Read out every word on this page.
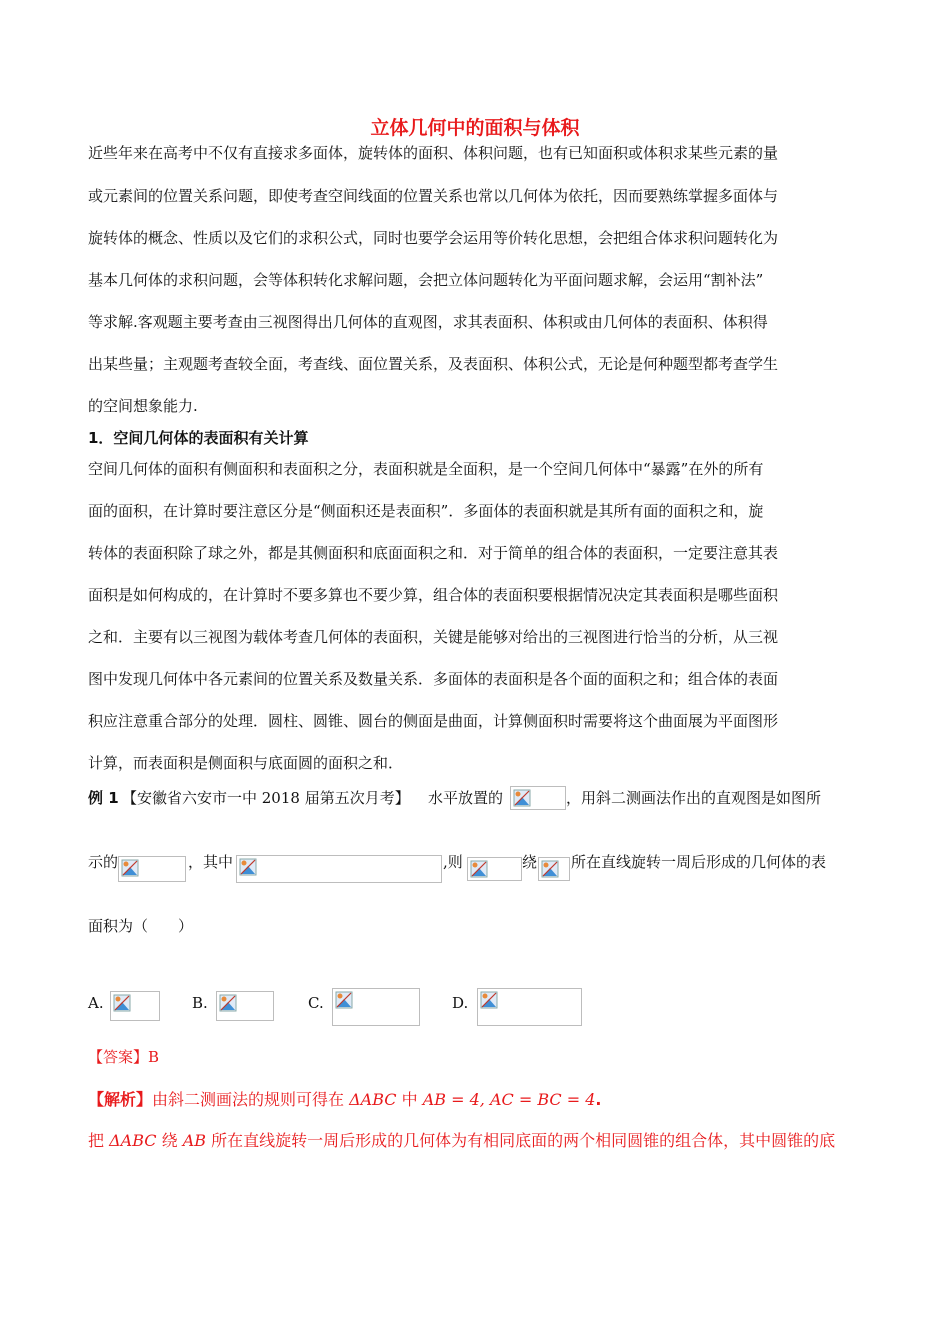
立体几何中的面积与体积
近些年来在高考中不仅有直接求多面体，旋转体的面积、体积问题，也有已知面积或体积求某些元素的量
或元素间的位置关系问题，即使考查空间线面的位置关系也常以几何体为依托，因而要熟练掌握多面体与
旋转体的概念、性质以及它们的求积公式，同时也要学会运用等价转化思想，会把组合体求积问题转化为
基本几何体的求积问题，会等体积转化求解问题，会把立体问题转化为平面问题求解，会运用“割补法”
等求解.客观题主要考查由三视图得出几何体的直观图，求其表面积、体积或由几何体的表面积、体积得
出某些量；主观题考查较全面，考查线、面位置关系，及表面积、体积公式，无论是何种题型都考查学生
的空间想象能力.
1．空间几何体的表面积有关计算
空间几何体的面积有侧面积和表面积之分，表面积就是全面积，是一个空间几何体中“暴露”在外的所有
面的面积，在计算时要注意区分是“侧面积还是表面积”．多面体的表面积就是其所有面的面积之和，旋
转体的表面积除了球之外，都是其侧面积和底面面积之和．对于简单的组合体的表面积，一定要注意其表
面积是如何构成的，在计算时不要多算也不要少算，组合体的表面积要根据情况决定其表面积是哪些面积
之和．主要有以三视图为载体考查几何体的表面积，关键是能够对给出的三视图进行恰当的分析，从三视
图中发现几何体中各元素间的位置关系及数量关系．多面体的表面积是各个面的面积之和；组合体的表面
积应注意重合部分的处理．圆柱、圆锥、圆台的侧面是曲面，计算侧面积时需要将这个曲面展为平面图形
计算，而表面积是侧面积与底面圆的面积之和．
例 1 【安徽省六安市一中 2018 届第五次月考】 水平放置的	，用斜二测画法作出的直观图是如图所
示的	，其中	,则	绕 所在直线旋转一周后形成的几何体的表
面积为（　　）
A.	B.	C.	D.
【答案】B
【解析】由斜二测画法的规则可得在 ΔABC 中 AB = 4, AC = BC = 4.
把 ΔABC 绕 AB 所在直线旋转一周后形成的几何体为有相同底面的两个相同圆锥的组合体，其中圆锥的底
